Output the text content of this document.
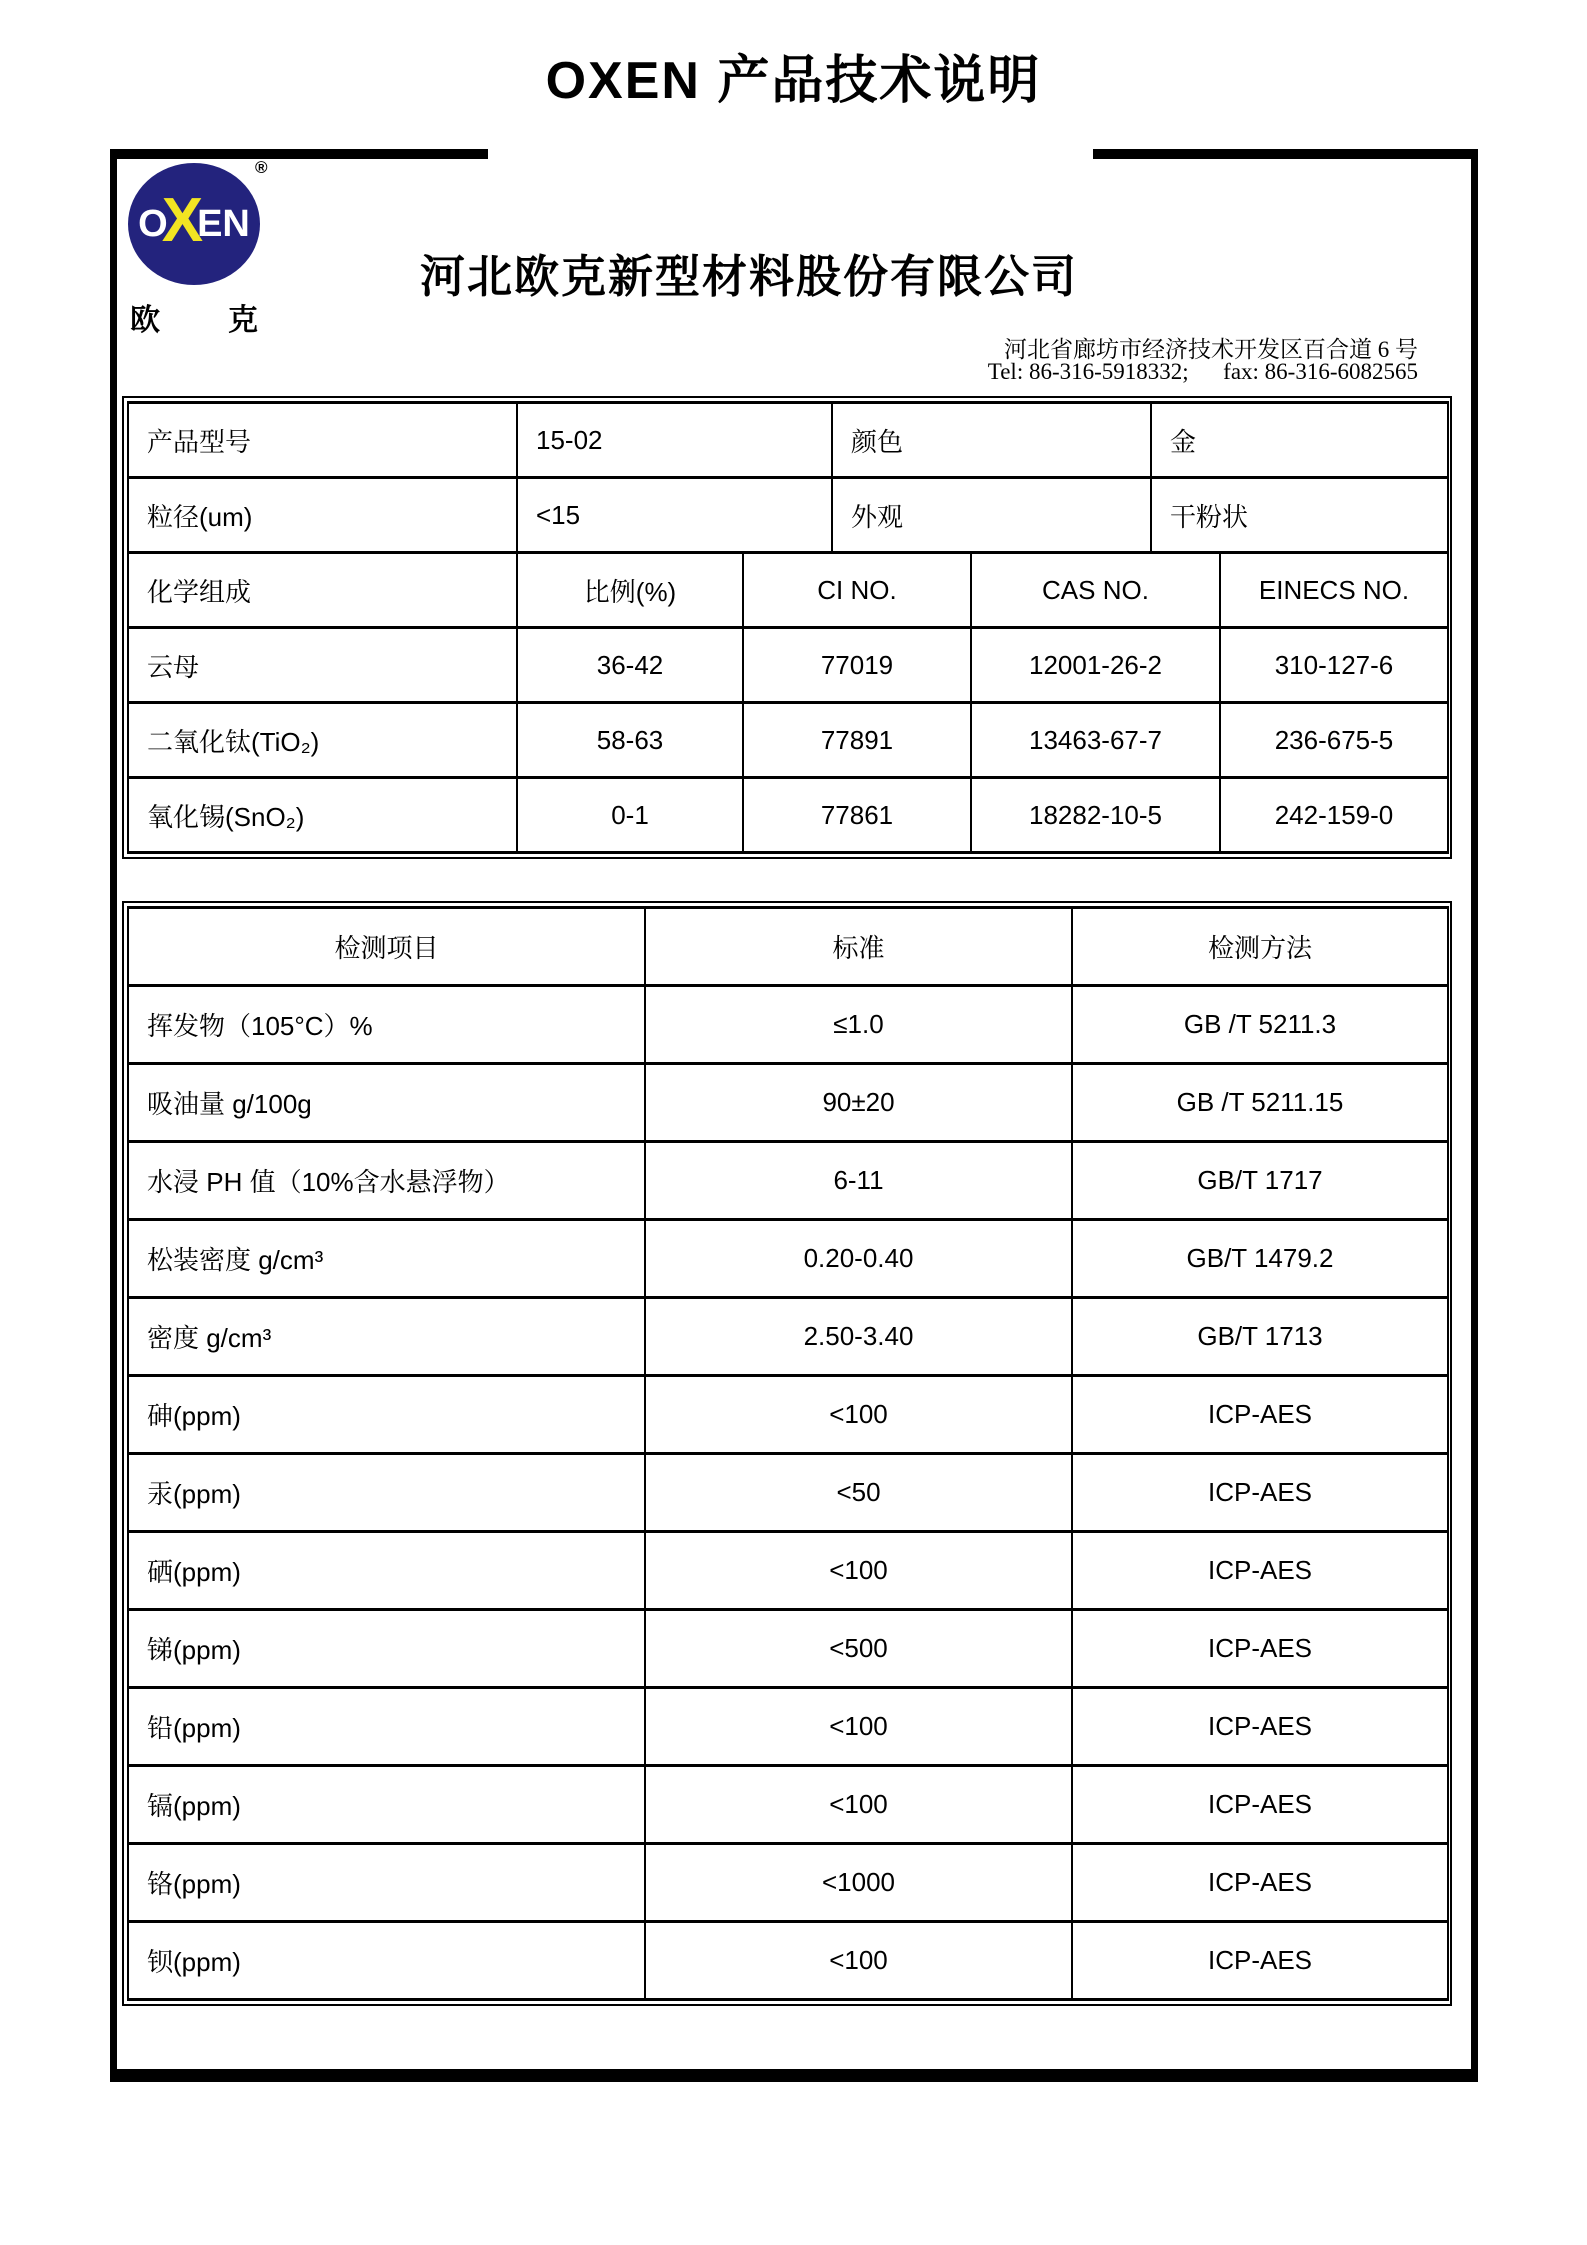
OXEN 产品技术说明
O
X
EN
®
欧 克
河北欧克新型材料股份有限公司
河北省廊坊市经济技术开发区百合道 6 号
Tel: 86-316-5918332;      fax: 86-316-6082565
产品型号	15-02	颜色	金
粒径(um)	<15	外观	干粉状
化学组成	比例(%)	CI NO.	CAS NO.	EINECS NO.
云母	36-42	77019	12001-26-2	310-127-6
二氧化钛(TiO₂)	58-63	77891	13463-67-7	236-675-5
氧化锡(SnO₂)	0-1	77861	18282-10-5	242-159-0
检测项目	标准	检测方法
挥发物（105°C）%	≤1.0	GB /T 5211.3
吸油量 g/100g	90±20	GB /T 5211.15
水浸 PH 值（10%含水悬浮物）	6-11	GB/T 1717
松装密度 g/cm³	0.20-0.40	GB/T 1479.2
密度 g/cm³	2.50-3.40	GB/T 1713
砷(ppm)	<100	ICP-AES
汞(ppm)	<50	ICP-AES
硒(ppm)	<100	ICP-AES
锑(ppm)	<500	ICP-AES
铅(ppm)	<100	ICP-AES
镉(ppm)	<100	ICP-AES
铬(ppm)	<1000	ICP-AES
钡(ppm)	<100	ICP-AES
